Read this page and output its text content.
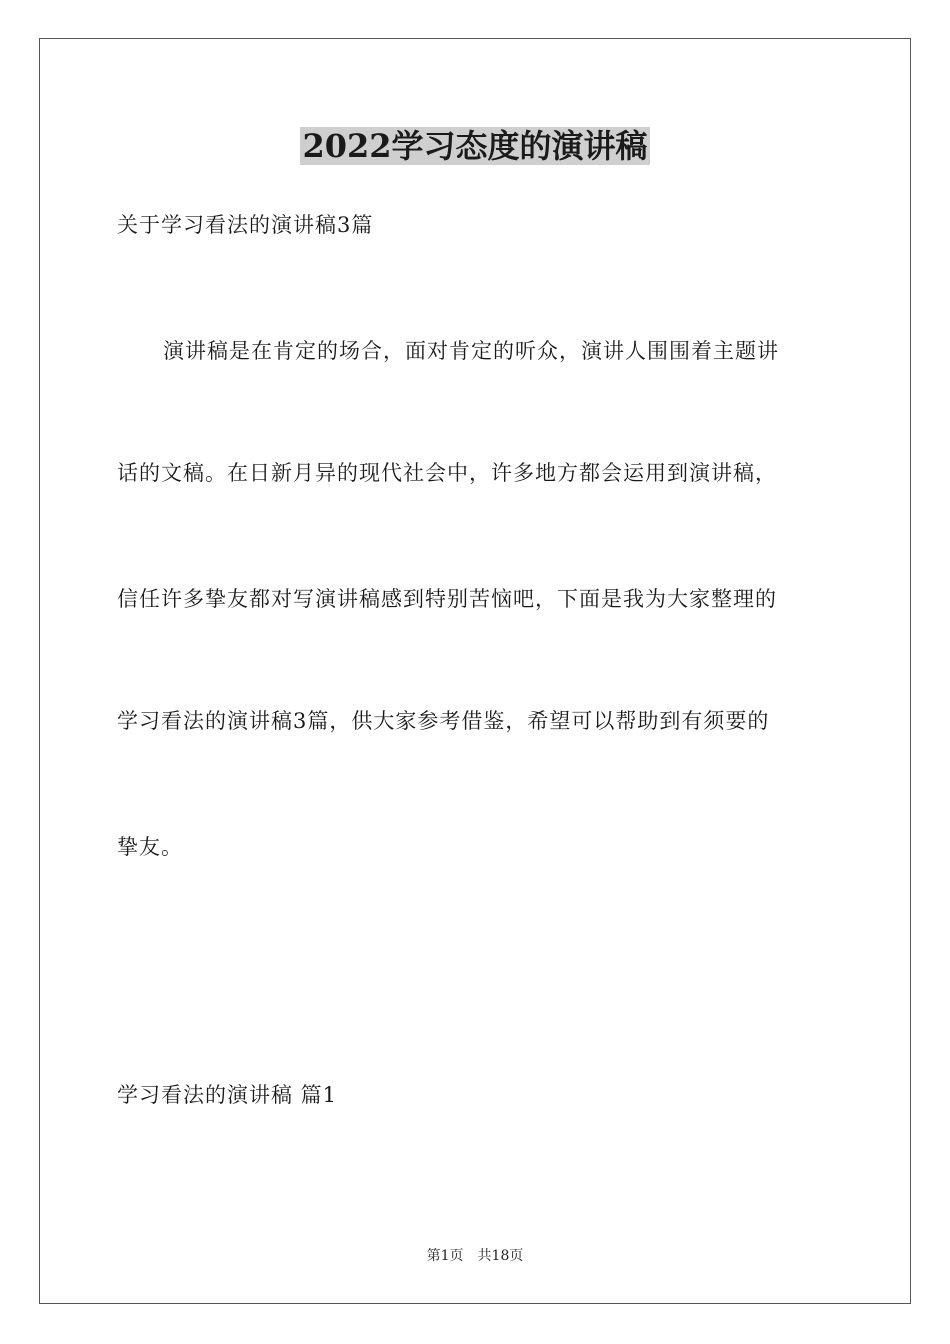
2022学习态度的演讲稿
关于学习看法的演讲稿3篇
演讲稿是在肯定的场合，面对肯定的听众，演讲人围围着主题讲
话的文稿。在日新月异的现代社会中，许多地方都会运用到演讲稿，
信任许多挚友都对写演讲稿感到特别苦恼吧，下面是我为大家整理的
学习看法的演讲稿3篇，供大家参考借鉴，希望可以帮助到有须要的
挚友。
学习看法的演讲稿 篇1
第1页 共18页
